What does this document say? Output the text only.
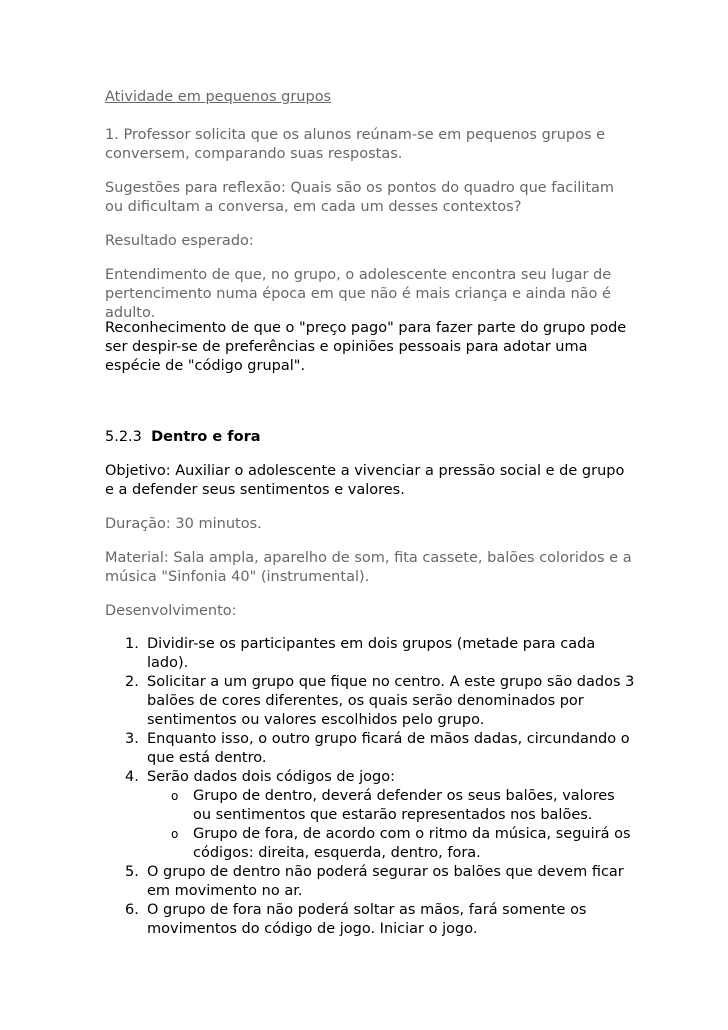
Atividade em pequenos grupos

1. Professor solicita que os alunos reúnam-se em pequenos grupos e conversem, comparando suas respostas.

Sugestões para reflexão: Quais são os pontos do quadro que facilitam ou dificultam a conversa, em cada um desses contextos?

Resultado esperado:

Entendimento de que, no grupo, o adolescente encontra seu lugar de pertencimento numa época em que não é mais criança e ainda não é adulto.

Reconhecimento de que o "preço pago" para fazer parte do grupo pode ser despir-se de preferências e opiniões pessoais para adotar uma espécie de "código grupal".

5.2.3 Dentro e fora

Objetivo: Auxiliar o adolescente a vivenciar a pressão social e de grupo e a defender seus sentimentos e valores.

Duração: 30 minutos.

Material: Sala ampla, aparelho de som, fita cassete, balões coloridos e a música "Sinfonia 40" (instrumental).

Desenvolvimento:

1. Dividir-se os participantes em dois grupos (metade para cada lado).
2. Solicitar a um grupo que fique no centro. A este grupo são dados 3 balões de cores diferentes, os quais serão denominados por sentimentos ou valores escolhidos pelo grupo.
3. Enquanto isso, o outro grupo ficará de mãos dadas, circundando o que está dentro.
4. Serão dados dois códigos de jogo:
o Grupo de dentro, deverá defender os seus balões, valores ou sentimentos que estarão representados nos balões.
o Grupo de fora, de acordo com o ritmo da música, seguirá os códigos: direita, esquerda, dentro, fora.
5. O grupo de dentro não poderá segurar os balões que devem ficar em movimento no ar.
6. O grupo de fora não poderá soltar as mãos, fará somente os movimentos do código de jogo. Iniciar o jogo.
